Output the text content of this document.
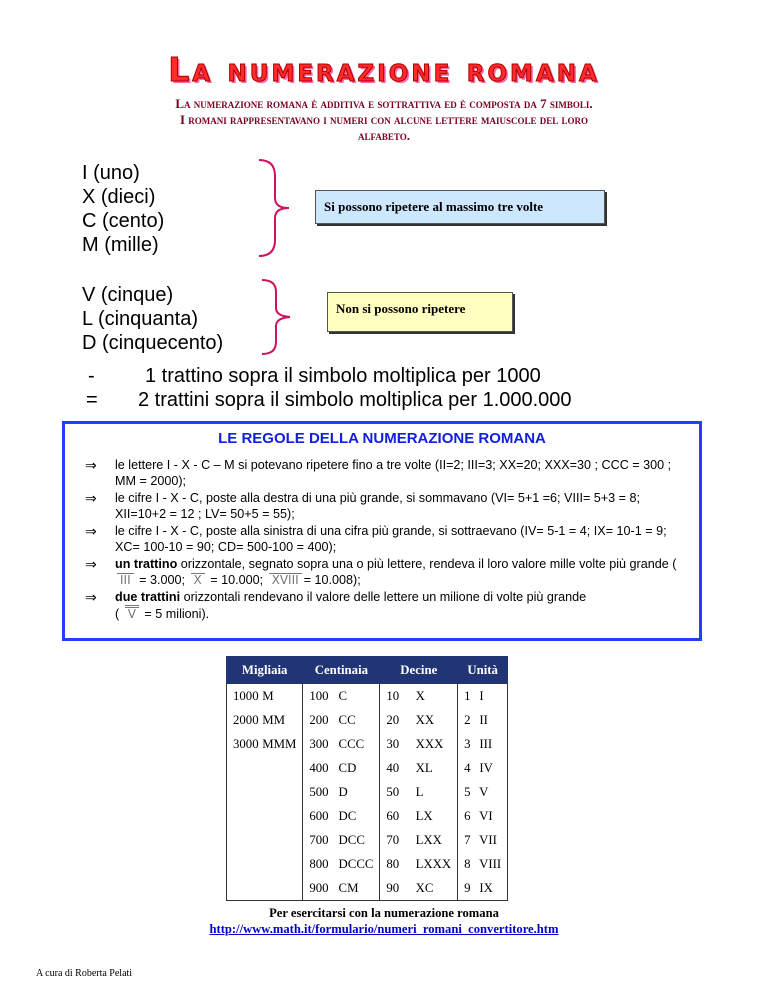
La numerazione romana
La numerazione romana è additiva e sottrattiva ed è composta da 7 simboli.
I romani rappresentavano i numeri con alcune lettere maiuscole del loro
alfabeto.
I (uno)
X (dieci)
C (cento)
M (mille)
Si possono ripetere al massimo tre volte
V (cinque)
L (cinquanta)
D (cinquecento)
Non si possono ripetere
-	1 trattino sopra il simbolo moltiplica per 1000
= 2 trattini sopra il simbolo moltiplica per 1.000.000
LE REGOLE DELLA NUMERAZIONE ROMANA
⇒ le lettere I - X - C – M si potevano ripetere fino a tre volte (II=2; III=3; XX=20; XXX=30 ; CCC = 300 ; MM = 2000);
⇒ le cifre I - X - C, poste alla destra di una più grande, si sommavano (VI= 5+1 =6; VIII= 5+3 = 8; XII=10+2 = 12 ; LV= 50+5 = 55);
⇒ le cifre I - X - C, poste alla sinistra di una cifra più grande, si sottraevano (IV= 5-1 = 4; IX= 10-1 = 9; XC= 100-10 = 90; CD= 500-100 = 400);
⇒ un trattino orizzontale, segnato sopra una o più lettere, rendeva il loro valore mille volte più grande (III = 3.000; X = 10.000; XVIII = 10.008);
⇒ due trattini orizzontali rendevano il valore delle lettere un milione di volte più grande
( V = 5 milioni).
Migliaia	Centinaia	Decine	Unità
1000 M	100 C	10 X	1 I
2000 MM	200 CC	20 XX	2 II
3000 MMM	300 CCC	30 XXX	3 III
	400 CD	40 XL	4 IV
	500 D	50 L	5 V
	600 DC	60 LX	6 VI
	700 DCC	70 LXX	7 VII
	800 DCCC	80 LXXX	8 VIII
	900 CM	90 XC	9 IX
Per esercitarsi con la numerazione romana
http://www.math.it/formulario/numeri_romani_convertitore.htm
A cura di Roberta Pelati
